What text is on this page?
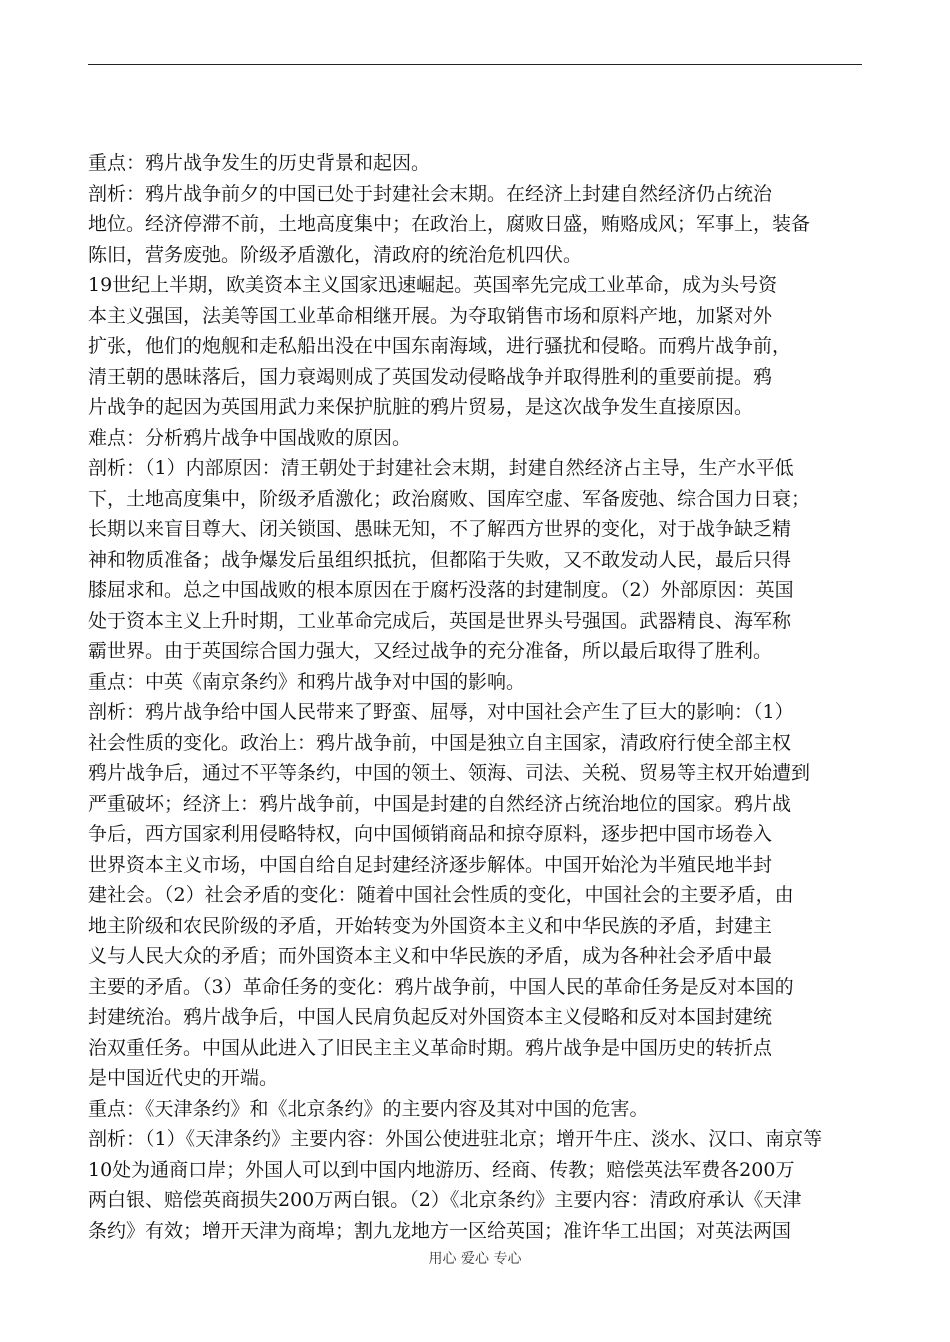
重点：鸦片战争发生的历史背景和起因。
剖析：鸦片战争前夕的中国已处于封建社会末期。在经济上封建自然经济仍占统治
地位。经济停滞不前，土地高度集中；在政治上，腐败日盛，贿赂成风；军事上，装备
陈旧，营务废弛。阶级矛盾激化，清政府的统治危机四伏。
19世纪上半期，欧美资本主义国家迅速崛起。英国率先完成工业革命，成为头号资
本主义强国，法美等国工业革命相继开展。为夺取销售市场和原料产地，加紧对外
扩张，他们的炮舰和走私船出没在中国东南海域，进行骚扰和侵略。而鸦片战争前，
清王朝的愚昧落后，国力衰竭则成了英国发动侵略战争并取得胜利的重要前提。鸦
片战争的起因为英国用武力来保护肮脏的鸦片贸易，是这次战争发生直接原因。
难点：分析鸦片战争中国战败的原因。
剖析：（1）内部原因：清王朝处于封建社会末期，封建自然经济占主导，生产水平低
下，土地高度集中，阶级矛盾激化；政治腐败、国库空虚、军备废弛、综合国力日衰；
长期以来盲目尊大、闭关锁国、愚昧无知，不了解西方世界的变化，对于战争缺乏精
神和物质准备；战争爆发后虽组织抵抗，但都陷于失败，又不敢发动人民，最后只得
膝屈求和。总之中国战败的根本原因在于腐朽没落的封建制度。（2）外部原因：英国
处于资本主义上升时期，工业革命完成后，英国是世界头号强国。武器精良、海军称
霸世界。由于英国综合国力强大，又经过战争的充分准备，所以最后取得了胜利。
重点：中英《南京条约》和鸦片战争对中国的影响。
剖析：鸦片战争给中国人民带来了野蛮、屈辱，对中国社会产生了巨大的影响：（1）
社会性质的变化。政治上：鸦片战争前，中国是独立自主国家，清政府行使全部主权
鸦片战争后，通过不平等条约，中国的领土、领海、司法、关税、贸易等主权开始遭到
严重破坏；经济上：鸦片战争前，中国是封建的自然经济占统治地位的国家。鸦片战
争后，西方国家利用侵略特权，向中国倾销商品和掠夺原料，逐步把中国市场卷入
世界资本主义市场，中国自给自足封建经济逐步解体。中国开始沦为半殖民地半封
建社会。（2）社会矛盾的变化：随着中国社会性质的变化，中国社会的主要矛盾，由
地主阶级和农民阶级的矛盾，开始转变为外国资本主义和中华民族的矛盾，封建主
义与人民大众的矛盾；而外国资本主义和中华民族的矛盾，成为各种社会矛盾中最
主要的矛盾。（3）革命任务的变化：鸦片战争前，中国人民的革命任务是反对本国的
封建统治。鸦片战争后，中国人民肩负起反对外国资本主义侵略和反对本国封建统
治双重任务。中国从此进入了旧民主主义革命时期。鸦片战争是中国历史的转折点
是中国近代史的开端。
重点：《天津条约》和《北京条约》的主要内容及其对中国的危害。
剖析：（1）《天津条约》主要内容：外国公使进驻北京；增开牛庄、淡水、汉口、南京等
10处为通商口岸；外国人可以到中国内地游历、经商、传教；赔偿英法军费各200万
两白银、赔偿英商损失200万两白银。（2）《北京条约》主要内容：清政府承认《天津
条约》有效；增开天津为商埠；割九龙地方一区给英国；准许华工出国；对英法两国
用心 爱心 专心
